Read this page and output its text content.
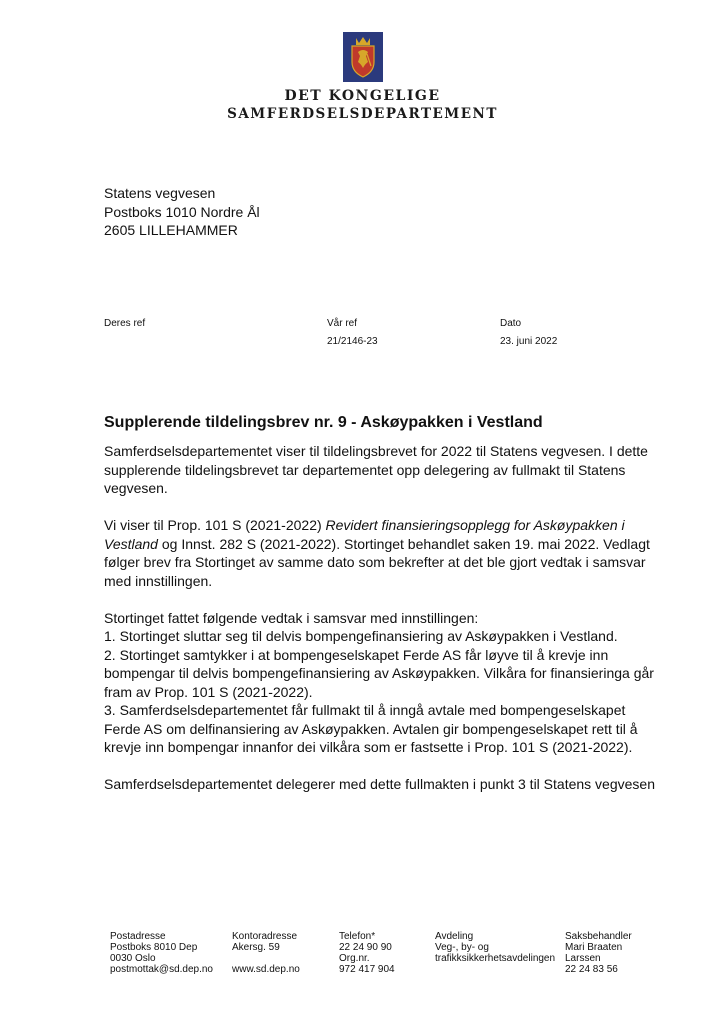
DET KONGELIGE
SAMFERDSELSDEPARTEMENT
Statens vegvesen
Postboks 1010 Nordre Ål
2605 LILLEHAMMER
Deres ref	Vår ref
21/2146-23
Dato
23. juni 2022
Supplerende tildelingsbrev nr. 9 - Askøypakken i Vestland

Samferdselsdepartementet viser til tildelingsbrevet for 2022 til Statens vegvesen. I dette supplerende tildelingsbrevet tar departementet opp delegering av fullmakt til Statens vegvesen.

Vi viser til Prop. 101 S (2021-2022) Revidert finansieringsopplegg for Askøypakken i Vestland og Innst. 282 S (2021-2022). Stortinget behandlet saken 19. mai 2022. Vedlagt følger brev fra Stortinget av samme dato som bekrefter at det ble gjort vedtak i samsvar med innstillingen.

Stortinget fattet følgende vedtak i samsvar med innstillingen:

1. Stortinget sluttar seg til delvis bompengefinansiering av Askøypakken i Vestland.

2. Stortinget samtykker i at bompengeselskapet Ferde AS får løyve til å krevje inn bompengar til delvis bompengefinansiering av Askøypakken. Vilkåra for finansieringa går fram av Prop. 101 S (2021-2022).

3. Samferdselsdepartementet får fullmakt til å inngå avtale med bompengeselskapet Ferde AS om delfinansiering av Askøypakken. Avtalen gir bompengeselskapet rett til å krevje inn bompengar innanfor dei vilkåra som er fastsette i Prop. 101 S (2021-2022).

Samferdselsdepartementet delegerer med dette fullmakten i punkt 3 til Statens vegvesen

Postadresse
Postboks 8010 Dep
0030 Oslo
postmottak@sd.dep.no
Kontoradresse
Akersg. 59

www.sd.dep.no
Telefon*
22 24 90 90
Org.nr.
972 417 904
Avdeling
Veg-, by- og
trafikksikkerhetsavdelingen
Saksbehandler
Mari Braaten
Larssen
22 24 83 56
